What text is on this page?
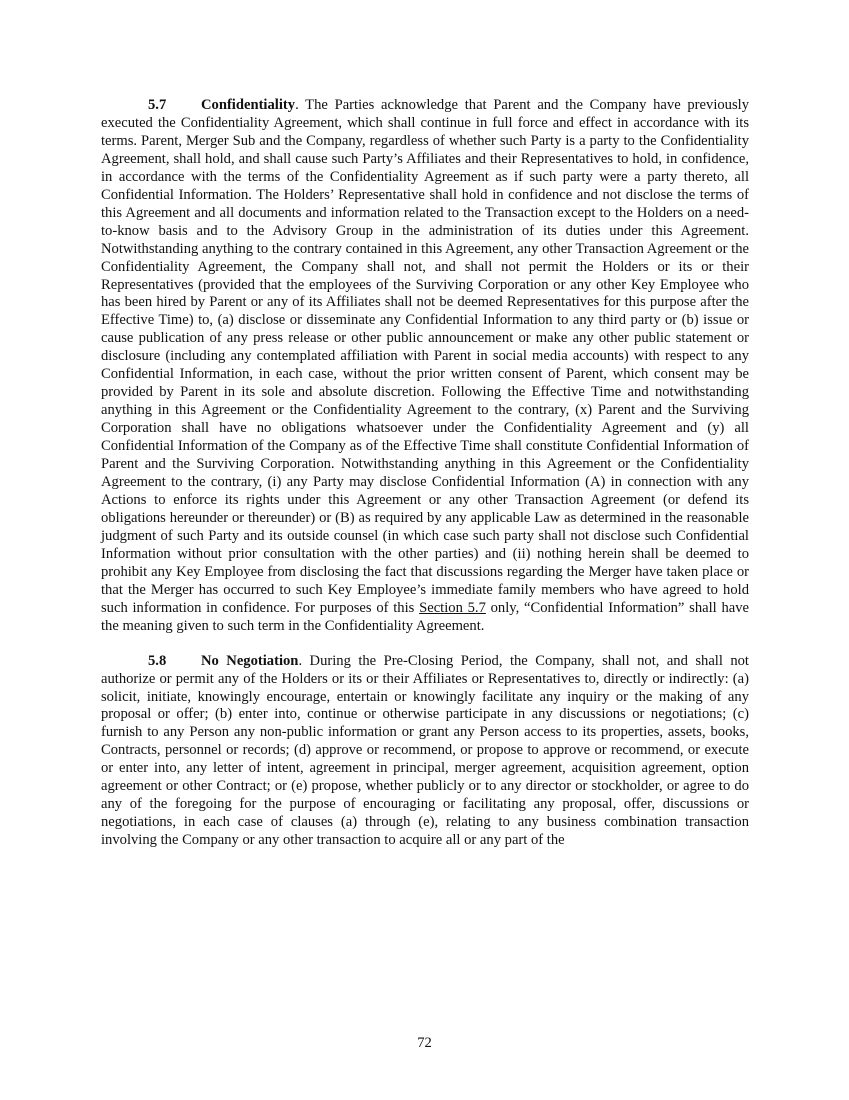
5.7 Confidentiality. The Parties acknowledge that Parent and the Company have previously executed the Confidentiality Agreement, which shall continue in full force and effect in accordance with its terms. Parent, Merger Sub and the Company, regardless of whether such Party is a party to the Confidentiality Agreement, shall hold, and shall cause such Party’s Affiliates and their Representatives to hold, in confidence, in accordance with the terms of the Confidentiality Agreement as if such party were a party thereto, all Confidential Information. The Holders’ Representative shall hold in confidence and not disclose the terms of this Agreement and all documents and information related to the Transaction except to the Holders on a need-to-know basis and to the Advisory Group in the administration of its duties under this Agreement. Notwithstanding anything to the contrary contained in this Agreement, any other Transaction Agreement or the Confidentiality Agreement, the Company shall not, and shall not permit the Holders or its or their Representatives (provided that the employees of the Surviving Corporation or any other Key Employee who has been hired by Parent or any of its Affiliates shall not be deemed Representatives for this purpose after the Effective Time) to, (a) disclose or disseminate any Confidential Information to any third party or (b) issue or cause publication of any press release or other public announcement or make any other public statement or disclosure (including any contemplated affiliation with Parent in social media accounts) with respect to any Confidential Information, in each case, without the prior written consent of Parent, which consent may be provided by Parent in its sole and absolute discretion. Following the Effective Time and notwithstanding anything in this Agreement or the Confidentiality Agreement to the contrary, (x) Parent and the Surviving Corporation shall have no obligations whatsoever under the Confidentiality Agreement and (y) all Confidential Information of the Company as of the Effective Time shall constitute Confidential Information of Parent and the Surviving Corporation. Notwithstanding anything in this Agreement or the Confidentiality Agreement to the contrary, (i) any Party may disclose Confidential Information (A) in connection with any Actions to enforce its rights under this Agreement or any other Transaction Agreement (or defend its obligations hereunder or thereunder) or (B) as required by any applicable Law as determined in the reasonable judgment of such Party and its outside counsel (in which case such party shall not disclose such Confidential Information without prior consultation with the other parties) and (ii) nothing herein shall be deemed to prohibit any Key Employee from disclosing the fact that discussions regarding the Merger have taken place or that the Merger has occurred to such Key Employee’s immediate family members who have agreed to hold such information in confidence. For purposes of this Section 5.7 only, “Confidential Information” shall have the meaning given to such term in the Confidentiality Agreement.

5.8 No Negotiation. During the Pre-Closing Period, the Company, shall not, and shall not authorize or permit any of the Holders or its or their Affiliates or Representatives to, directly or indirectly: (a) solicit, initiate, knowingly encourage, entertain or knowingly facilitate any inquiry or the making of any proposal or offer; (b) enter into, continue or otherwise participate in any discussions or negotiations; (c) furnish to any Person any non-public information or grant any Person access to its properties, assets, books, Contracts, personnel or records; (d) approve or recommend, or propose to approve or recommend, or execute or enter into, any letter of intent, agreement in principal, merger agreement, acquisition agreement, option agreement or other Contract; or (e) propose, whether publicly or to any director or stockholder, or agree to do any of the foregoing for the purpose of encouraging or facilitating any proposal, offer, discussions or negotiations, in each case of clauses (a) through (e), relating to any business combination transaction involving the Company or any other transaction to acquire all or any part of the

72
